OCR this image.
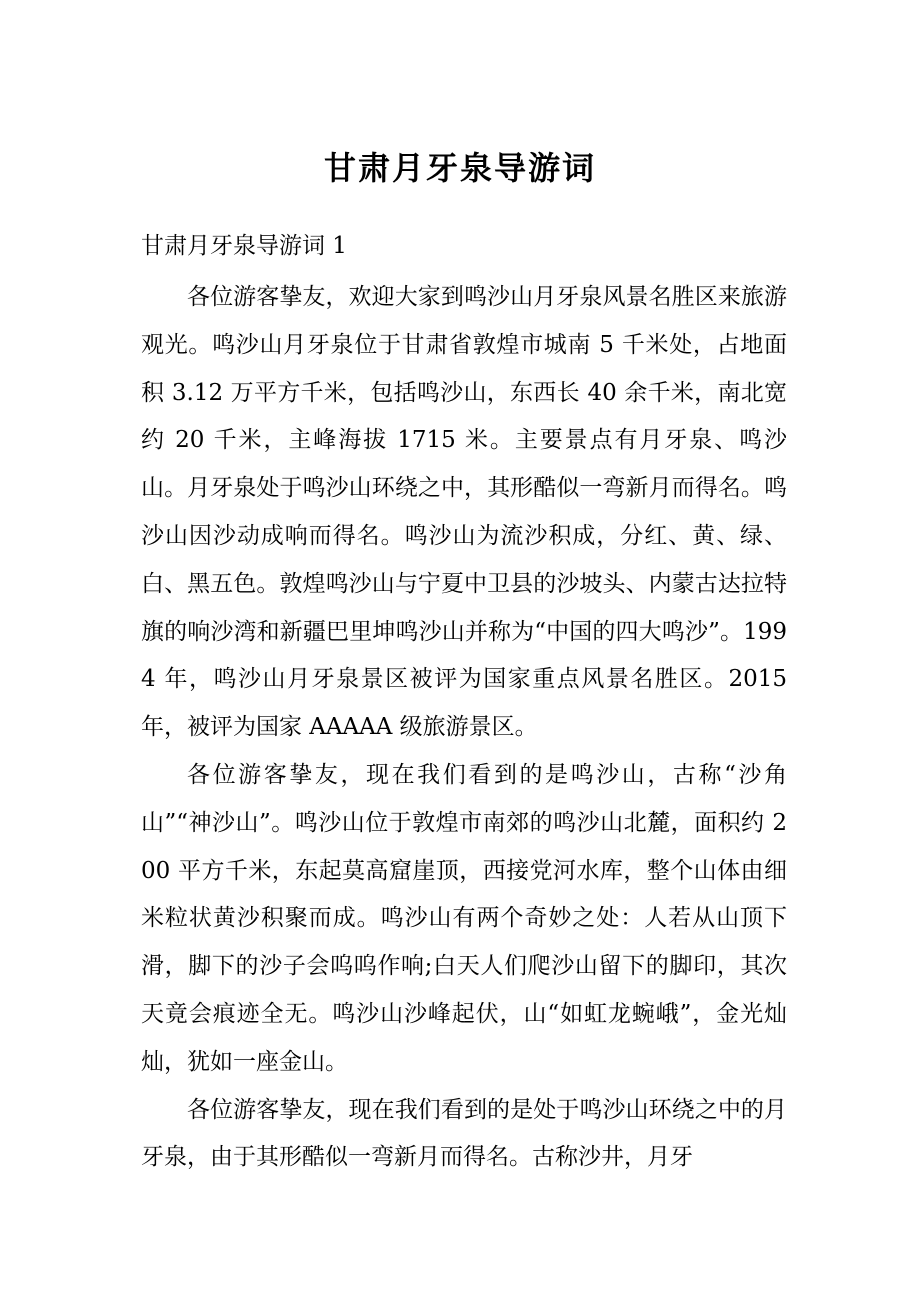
甘肃月牙泉导游词

甘肃月牙泉导游词 1

各位游客挚友，欢迎大家到鸣沙山月牙泉风景名胜区来旅游观光。鸣沙山月牙泉位于甘肃省敦煌市城南 5 千米处，占地面积 3.12 万平方千米，包括鸣沙山，东西长 40 余千米，南北宽约 20 千米，主峰海拔 1715 米。主要景点有月牙泉、鸣沙山。月牙泉处于鸣沙山环绕之中，其形酷似一弯新月而得名。鸣沙山因沙动成响而得名。鸣沙山为流沙积成，分红、黄、绿、白、黑五色。敦煌鸣沙山与宁夏中卫县的沙坡头、内蒙古达拉特旗的响沙湾和新疆巴里坤鸣沙山并称为“中国的四大鸣沙”。1994 年，鸣沙山月牙泉景区被评为国家重点风景名胜区。2015 年，被评为国家 AAAAA 级旅游景区。

各位游客挚友，现在我们看到的是鸣沙山，古称“沙角山”“神沙山”。鸣沙山位于敦煌市南郊的鸣沙山北麓，面积约 200 平方千米，东起莫高窟崖顶，西接党河水库，整个山体由细米粒状黄沙积聚而成。鸣沙山有两个奇妙之处：人若从山顶下滑，脚下的沙子会呜呜作响;白天人们爬沙山留下的脚印，其次天竟会痕迹全无。鸣沙山沙峰起伏，山“如虹龙蜿峨”，金光灿灿，犹如一座金山。

各位游客挚友，现在我们看到的是处于鸣沙山环绕之中的月牙泉，由于其形酷似一弯新月而得名。古称沙井，月牙
